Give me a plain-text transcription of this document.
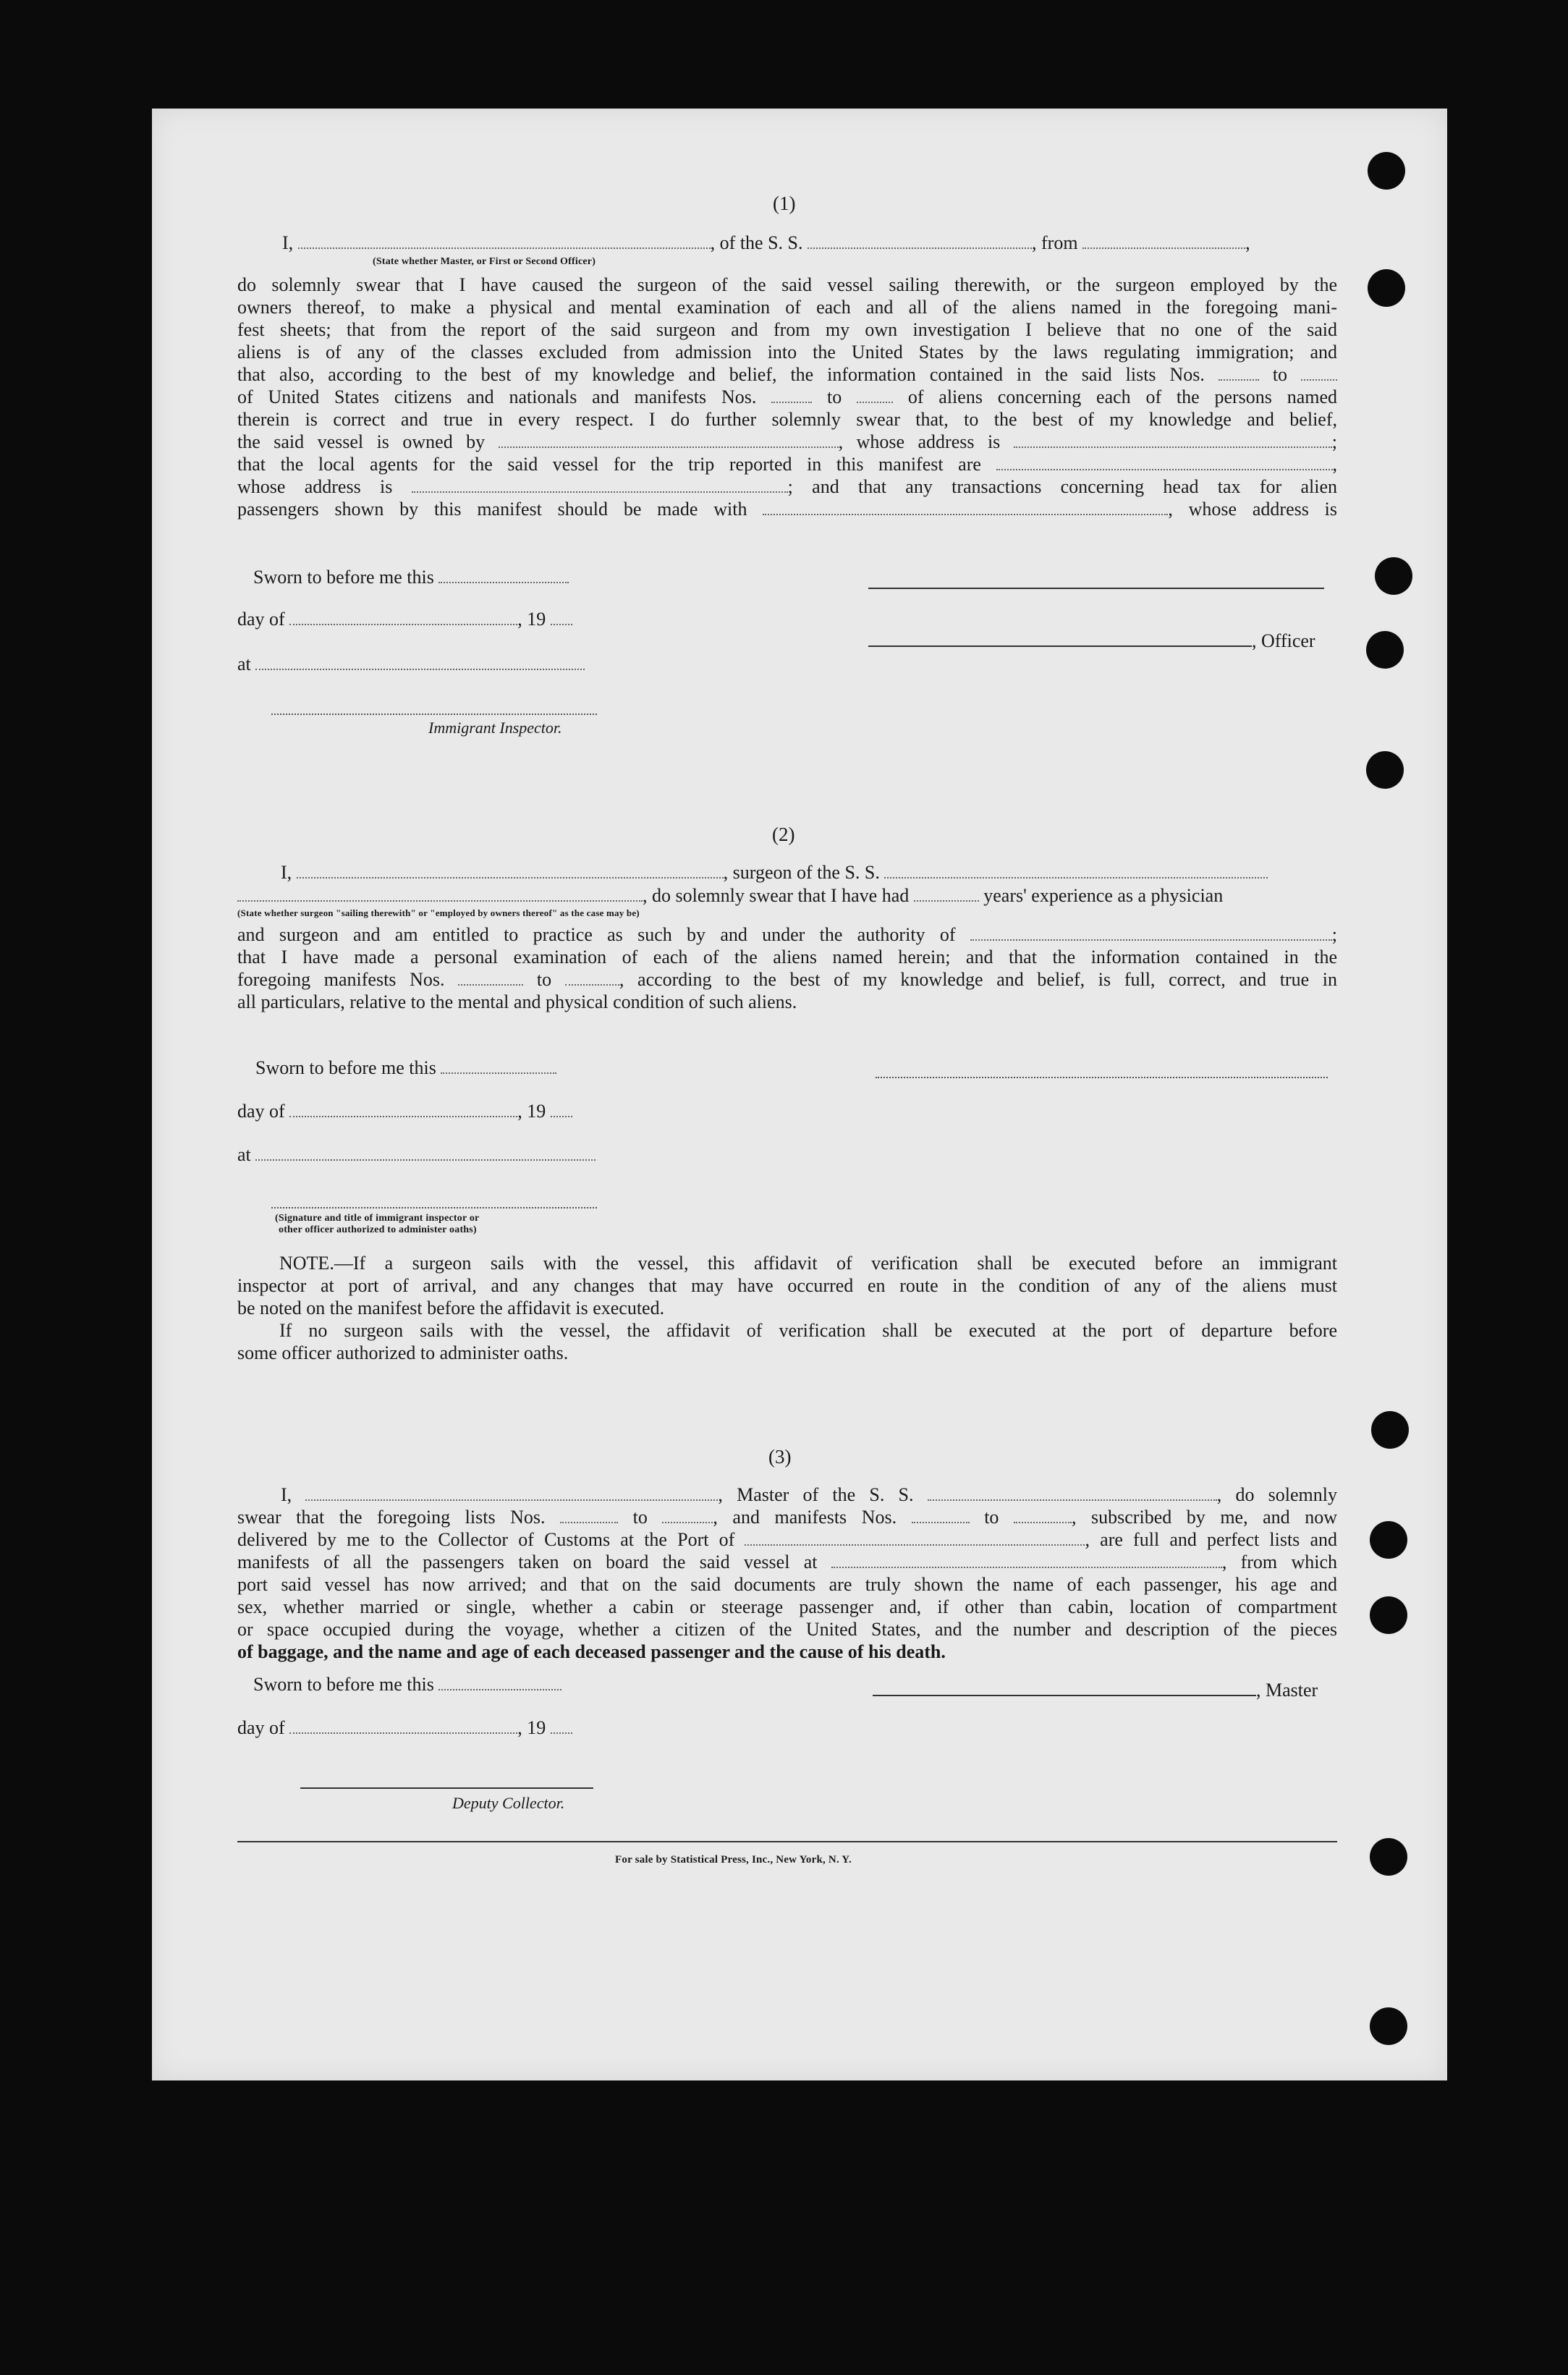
(1)
I,	, of the S. S.	, from	,
(State whether Master, or First or Second Officer)
do solemnly swear that I have caused the surgeon of the said vessel sailing therewith, or the surgeon employed by the
owners thereof, to make a physical and mental examination of each and all of the aliens named in the foregoing mani-
fest sheets; that from the report of the said surgeon and from my own investigation I believe that no one of the said
aliens is of any of the classes excluded from admission into the United States by the laws regulating immigration; and
that also, according to the best of my knowledge and belief, the information contained in the said lists Nos.	to
of United States citizens and nationals and manifests Nos.	to	of aliens concerning each of the persons named
therein is correct and true in every respect. I do further solemnly swear that, to the best of my knowledge and belief,
the said vessel is owned by	, whose address is	;
that the local agents for the said vessel for the trip reported in this manifest are	,
whose address is	; and that any transactions concerning head tax for alien
passengers shown by this manifest should be made with	, whose address is
Sworn to before me this
day of	, 19
at
, Officer
Immigrant Inspector.
(2)
I,	, surgeon of the S. S.
, do solemnly swear that I have had	years' experience as a physician
(State whether surgeon "sailing therewith" or "employed by owners thereof" as the case may be)
and surgeon and am entitled to practice as such by and under the authority of	;
that I have made a personal examination of each of the aliens named herein; and that the information contained in the
foregoing manifests Nos.	to	, according to the best of my knowledge and belief, is full, correct, and true in
all particulars, relative to the mental and physical condition of such aliens.
Sworn to before me this
day of	, 19
at
(Signature and title of immigrant inspector or
other officer authorized to administer oaths)
NOTE.—If a surgeon sails with the vessel, this affidavit of verification shall be executed before an immigrant
inspector at port of arrival, and any changes that may have occurred en route in the condition of any of the aliens must
be noted on the manifest before the affidavit is executed.
If no surgeon sails with the vessel, the affidavit of verification shall be executed at the port of departure before
some officer authorized to administer oaths.
(3)
I,	, Master of the S. S.	, do solemnly
swear that the foregoing lists Nos.	to	, and manifests Nos.	to	, subscribed by me, and now
delivered by me to the Collector of Customs at the Port of	, are full and perfect lists and
manifests of all the passengers taken on board the said vessel at	, from which
port said vessel has now arrived; and that on the said documents are truly shown the name of each passenger, his age and
sex, whether married or single, whether a cabin or steerage passenger and, if other than cabin, location of compartment
or space occupied during the voyage, whether a citizen of the United States, and the number and description of the pieces
of baggage, and the name and age of each deceased passenger and the cause of his death.
Sworn to before me this	, Master
day of	, 19
Deputy Collector.
For sale by Statistical Press, Inc., New York, N. Y.
